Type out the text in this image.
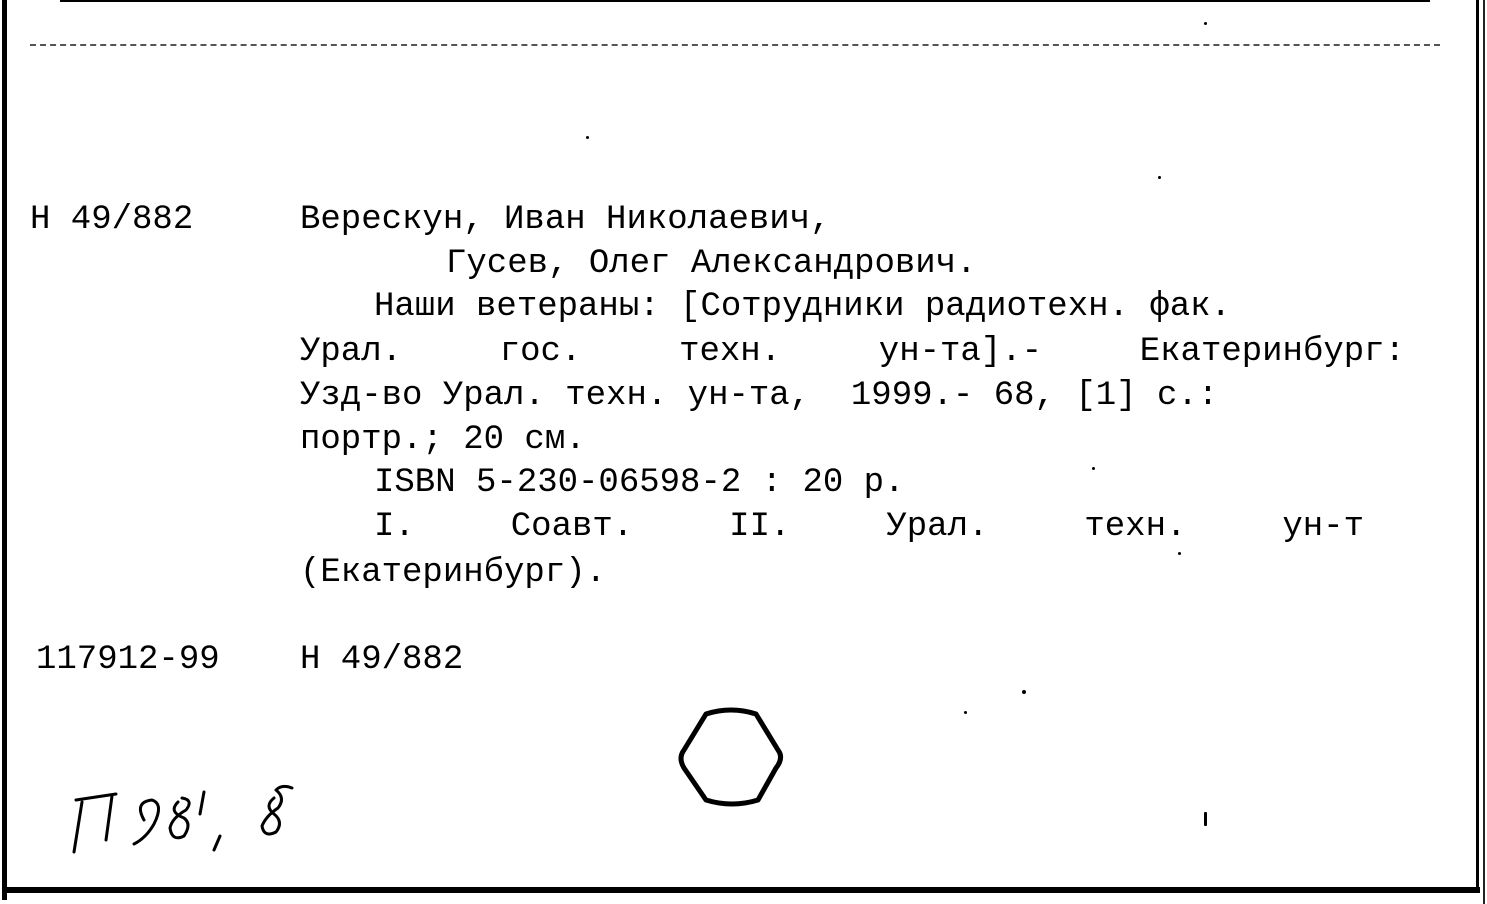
Н 49/882	Верескун, Иван Николаевич,
Гусев, Олег Александрович.
Наши ветераны: [Сотрудники радиотехн. фак.
Урал.	гос.	техн.	ун-та].-	Екатеринбург:
Узд-во Урал. техн. ун-та,  1999.- 68, [1] с.:
портр.; 20 см.
ISBN 5-230-06598-2 : 20 р.
I.	Соавт.	II.	Урал.	техн.	ун-т
(Екатеринбург).
117912-99 Н 49/882
П98,8
